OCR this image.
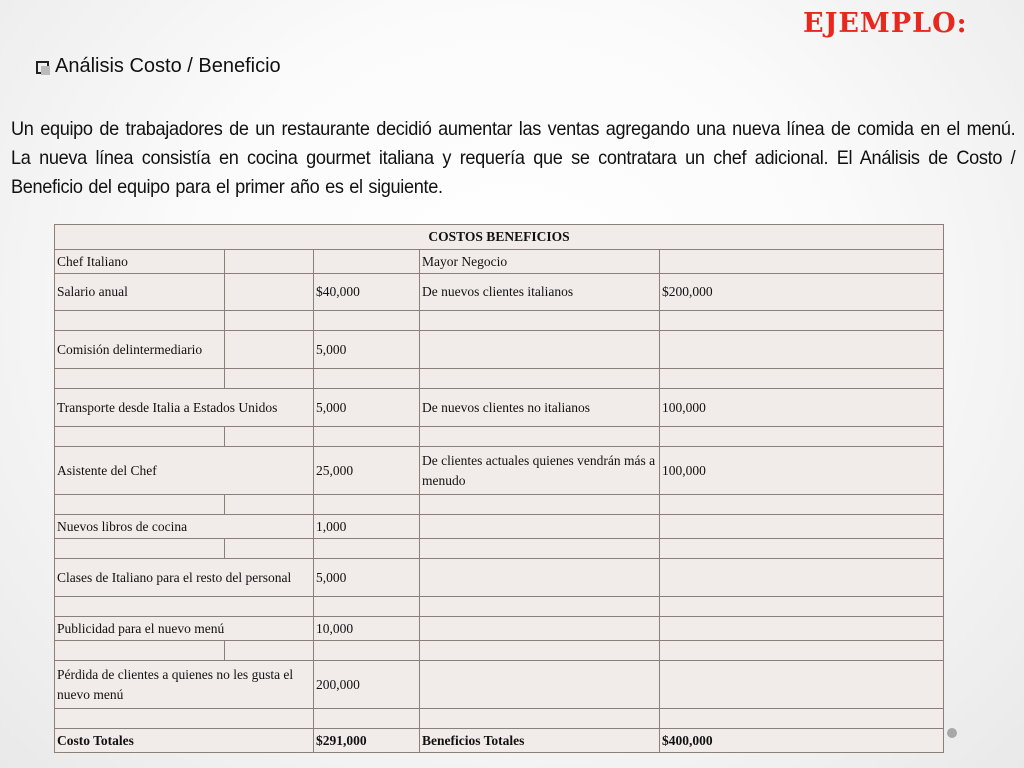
EJEMPLO:
Análisis Costo / Beneficio
Un equipo de trabajadores de un restaurante decidió aumentar las ventas agregando una nueva línea de comida en el menú. La nueva línea consistía en cocina gourmet italiana y requería que se contratara un chef adicional. El Análisis de Costo / Beneficio del equipo para el primer año es el siguiente.
COSTOS BENEFICIOS				
Chef Italiano			Mayor Negocio	
Salario anual		$40,000	De nuevos clientes italianos	$200,000

Comisión delintermediario		5,000		

Transporte desde Italia a Estados Unidos		5,000	De nuevos clientes no italianos	100,000

Asistente del Chef		25,000	De clientes actuales quienes vendrán más a menudo	100,000

Nuevos libros de cocina		1,000		

Clases de Italiano para el resto del personal		5,000		

Publicidad para el nuevo menú		10,000		

Pérdida de clientes a quienes no les gusta el nuevo menú		200,000		

Costo Totales		$291,000	Beneficios Totales	$400,000
